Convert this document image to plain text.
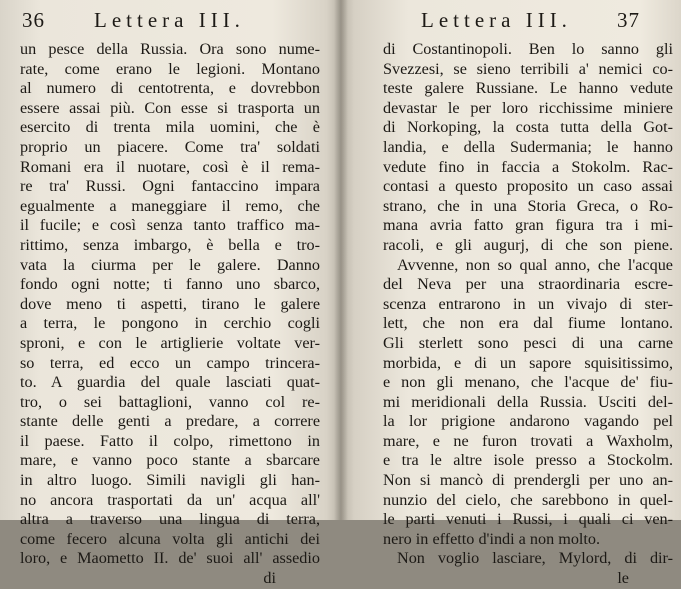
36 Lettera III.
un pesce della Russia. Ora sono nume-
rate, come erano le legioni. Montano
al numero di centotrenta, e dovrebbon
essere assai più. Con esse si trasporta un
esercito di trenta mila uomini, che è
proprio un piacere. Come tra' soldati
Romani era il nuotare, così è il rema-
re tra' Russi. Ogni fantaccino impara
egualmente a maneggiare il remo, che
il fucile; e così senza tanto traffico ma-
rittimo, senza imbargo, è bella e tro-
vata la ciurma per le galere. Danno
fondo ogni notte; ti fanno uno sbarco,
dove meno ti aspetti, tirano le galere
a terra, le pongono in cerchio cogli
sproni, e con le artiglierie voltate ver-
so terra, ed ecco un campo trincera-
to. A guardia del quale lasciati quat-
tro, o sei battaglioni, vanno col re-
stante delle genti a predare, a correre
il paese. Fatto il colpo, rimettono in
mare, e vanno poco stante a sbarcare
in altro luogo. Simili navigli gli han-
no ancora trasportati da un' acqua all'
altra a traverso una lingua di terra,
come fecero alcuna volta gli antichi dei
loro, e Maometto II. de' suoi all' assedio
di
Lettera III. 37
di Costantinopoli. Ben lo sanno gli
Svezzesi, se sieno terribili a' nemici co-
teste galere Russiane. Le hanno vedute
devastar le per loro ricchissime miniere
di Norkoping, la costa tutta della Got-
landia, e della Sudermania; le hanno
vedute fino in faccia a Stokolm. Rac-
contasi a questo proposito un caso assai
strano, che in una Storia Greca, o Ro-
mana avria fatto gran figura tra i mi-
racoli, e gli augurj, di che son piene.
Avvenne, non so qual anno, che l'acque
del Neva per una straordinaria escre-
scenza entrarono in un vivajo di ster-
lett, che non era dal fiume lontano.
Gli sterlett sono pesci di una carne
morbida, e di un sapore squisitissimo,
e non gli menano, che l'acque de' fiu-
mi meridionali della Russia. Usciti del-
la lor prigione andarono vagando pel
mare, e ne furon trovati a Waxholm,
e tra le altre isole presso a Stockolm.
Non si mancò di prendergli per uno an-
nunzio del cielo, che sarebbono in quel-
le parti venuti i Russi, i quali ci ven-
nero in effetto d'indi a non molto.
Non voglio lasciare, Mylord, di dir-
le
